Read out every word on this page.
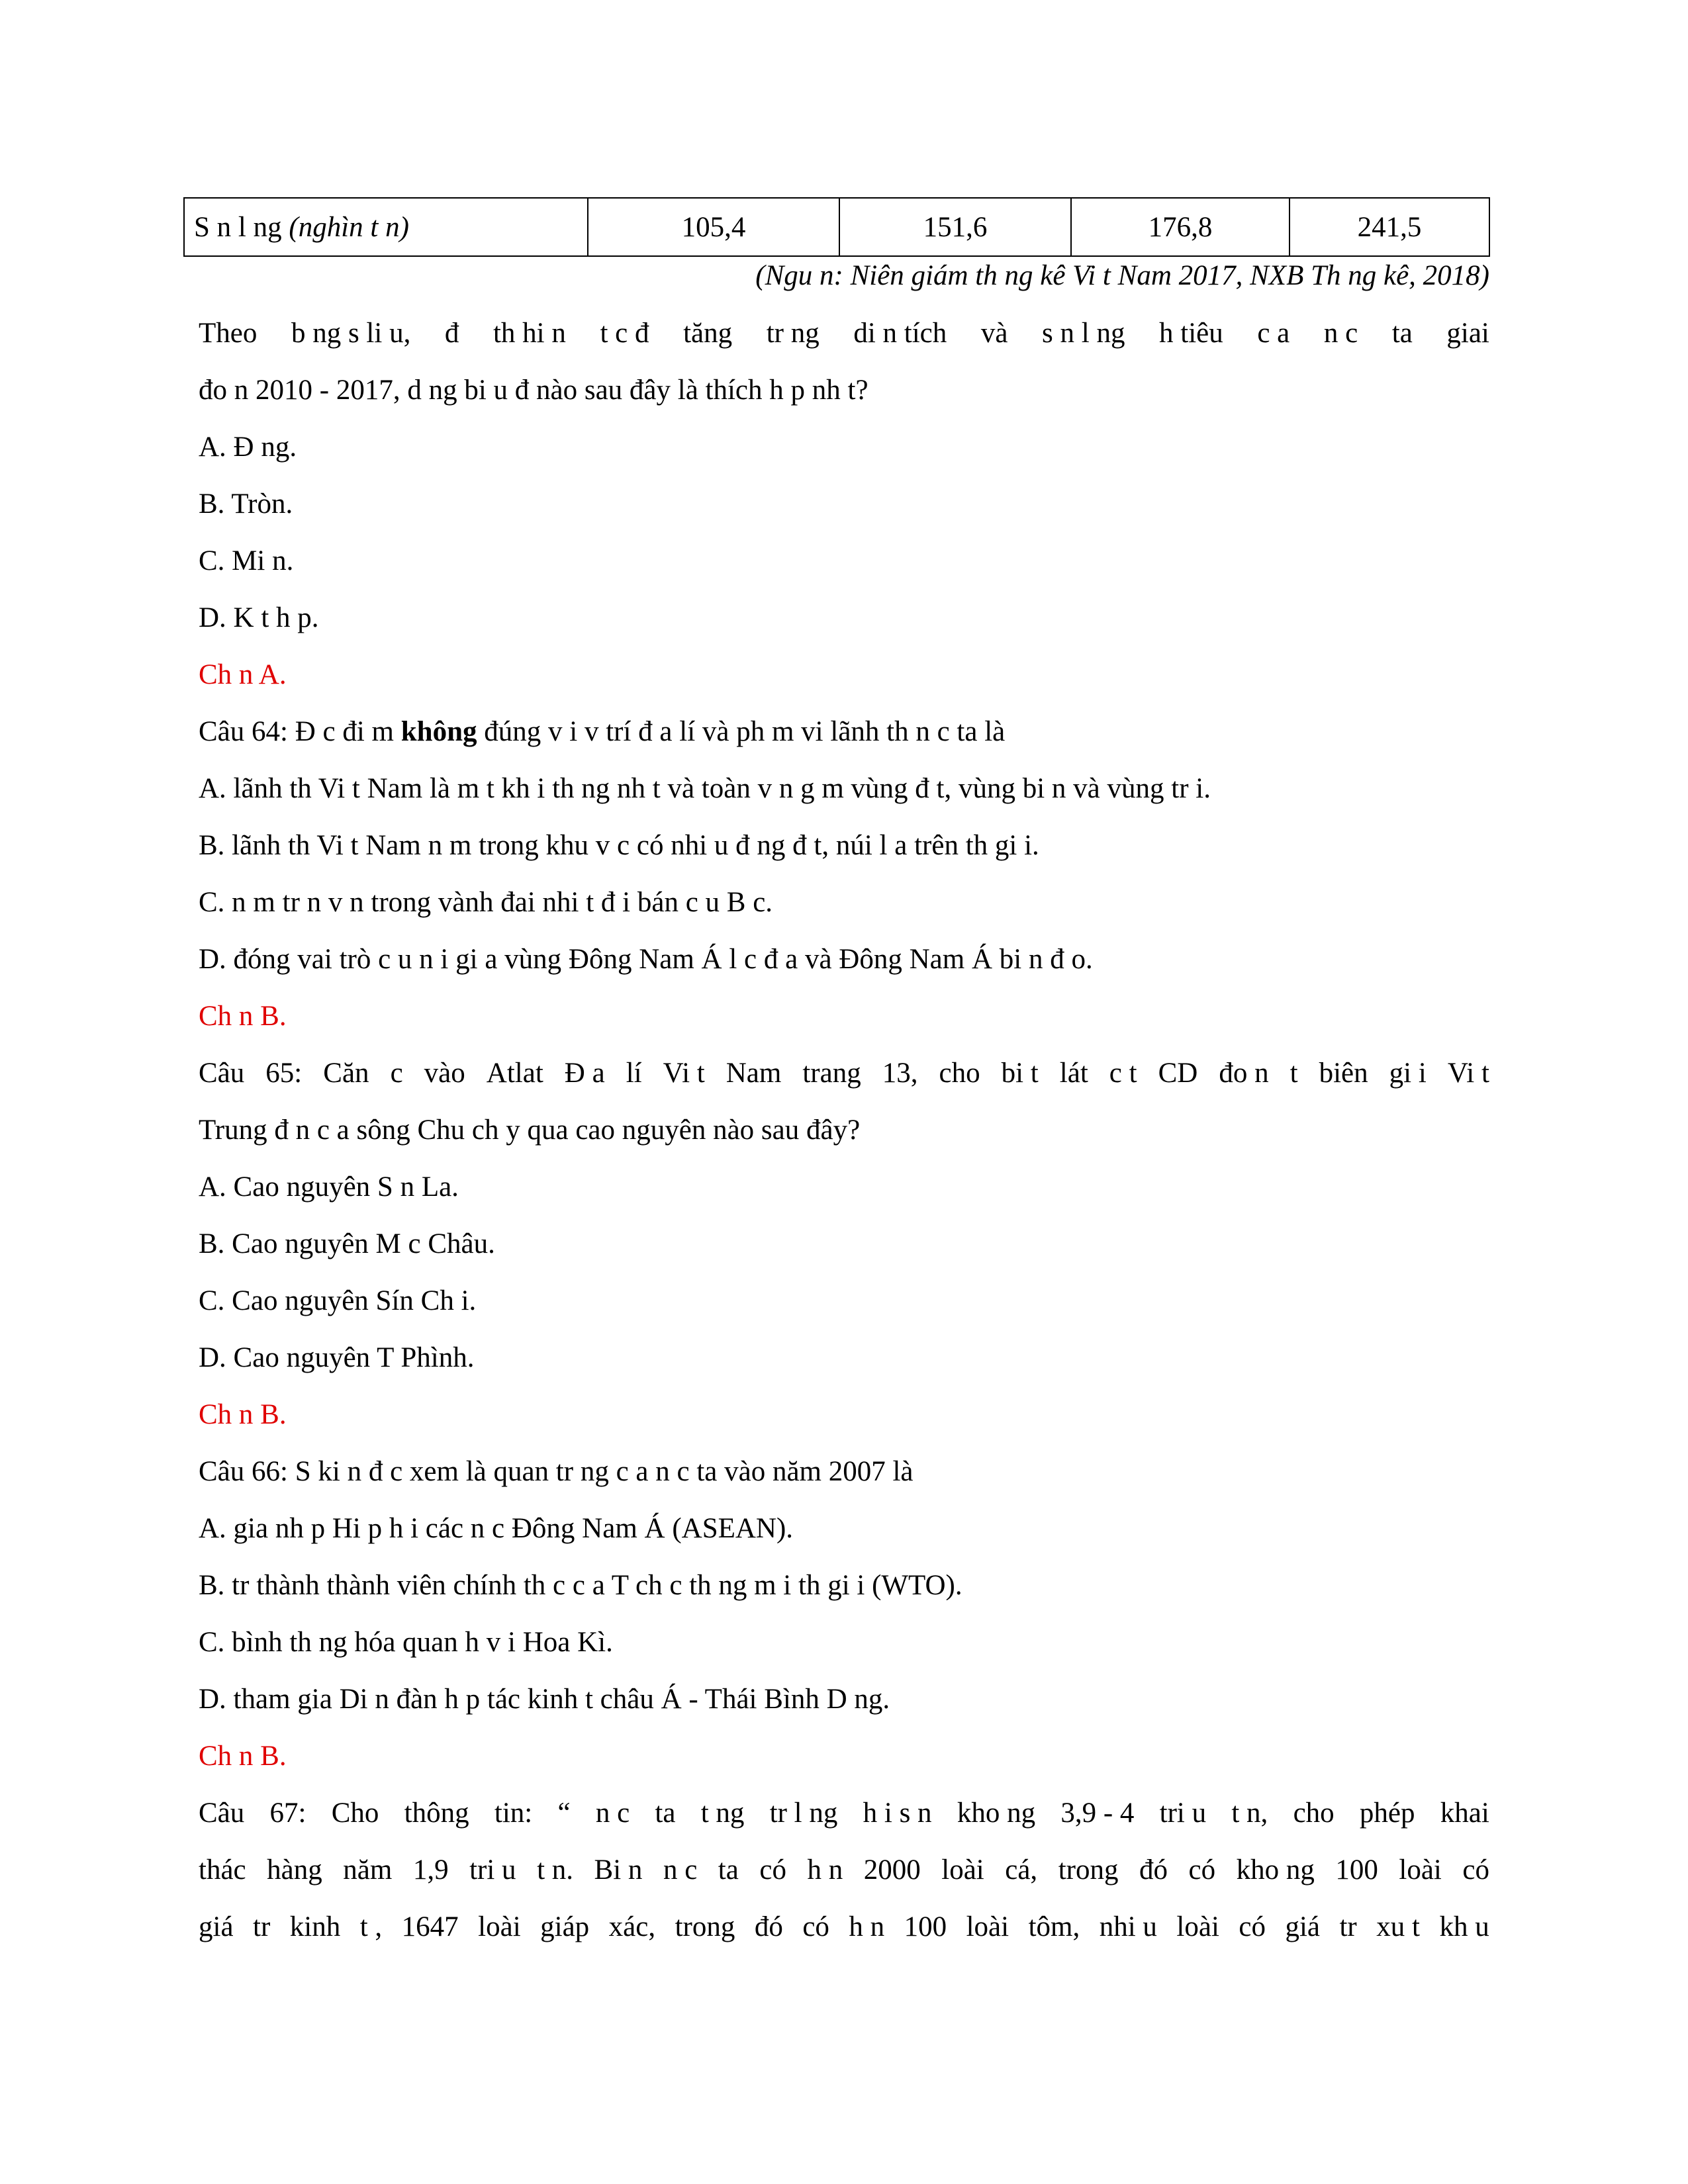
S n l ng (nghìn t n)	105,4	151,6	176,8	241,5
(Ngu n: Niên giám th ng kê Vi t Nam 2017, NXB Th ng kê, 2018)
Theo b ng s li u, đ th hi n t c đ tăng tr ng di n tích và s n l ng h tiêu c a n c ta giai
đo n 2010 - 2017, d ng bi u đ nào sau đây là thích h p nh t?
A. Đ ng.
B. Tròn.
C. Mi n.
D. K t h p.
Ch n A.
Câu 64: Đ c đi m không đúng v i v trí đ a lí và ph m vi lãnh th n c ta là
A. lãnh th Vi t Nam là m t kh i th ng nh t và toàn v n g m vùng đ t, vùng bi n và vùng tr i.
B. lãnh th Vi t Nam n m trong khu v c có nhi u đ ng đ t, núi l a trên th gi i.
C. n m tr n v n trong vành đai nhi t đ i bán c u B c.
D. đóng vai trò c u n i gi a vùng Đông Nam Á l c đ a và Đông Nam Á bi n đ o.
Ch n B.
Câu 65: Căn c vào Atlat Đ a lí Vi t Nam trang 13, cho bi t lát c t CD đo n t biên gi i Vi t
Trung đ n c a sông Chu ch y qua cao nguyên nào sau đây?
A. Cao nguyên S n La.
B. Cao nguyên M c Châu.
C. Cao nguyên Sín Ch i.
D. Cao nguyên T Phình.
Ch n B.
Câu 66: S ki n đ c xem là quan tr ng c a n c ta vào năm 2007 là
A. gia nh p Hi p h i các n c Đông Nam Á (ASEAN).
B. tr thành thành viên chính th c c a T ch c th ng m i th gi i (WTO).
C. bình th ng hóa quan h v i Hoa Kì.
D. tham gia Di n đàn h p tác kinh t châu Á - Thái Bình D ng.
Ch n B.
Câu 67: Cho thông tin: “ n c ta t ng tr l ng h i s n kho ng 3,9 - 4 tri u t n, cho phép khai
thác hàng năm 1,9 tri u t n. Bi n n c ta có h n 2000 loài cá, trong đó có kho ng 100 loài có
giá tr kinh t , 1647 loài giáp xác, trong đó có h n 100 loài tôm, nhi u loài có giá tr xu t kh u
